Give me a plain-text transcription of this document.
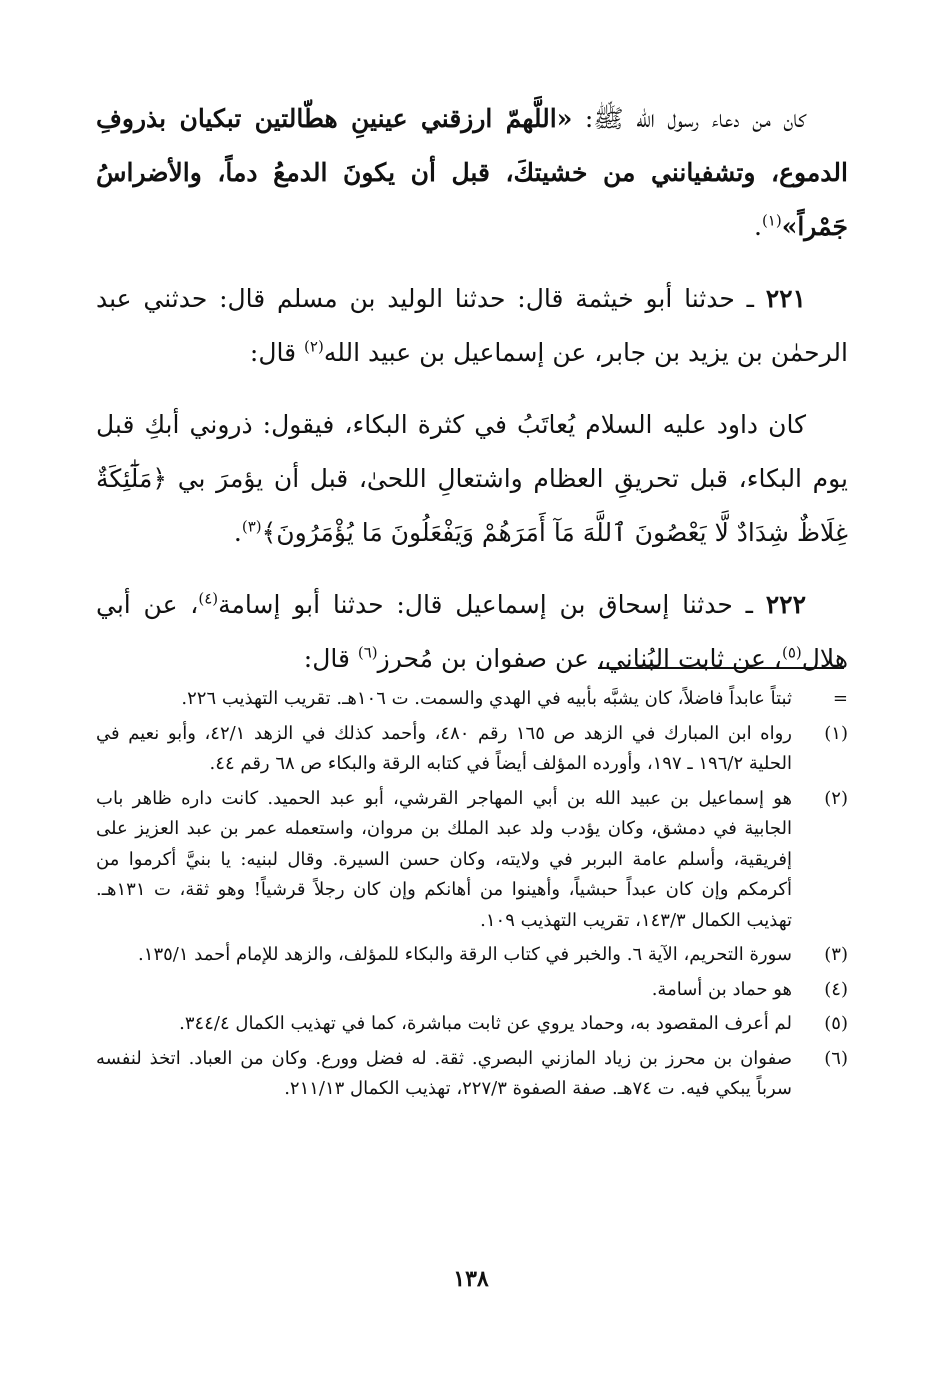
كان من دعاء رسول الله ﷺ: «اللَّهمّ ارزقني عينينِ هطّالتين تبكيان بذروفِ الدموع، وتشفيانني من خشيتكَ، قبل أن يكونَ الدمعُ دماً، والأضراسُ جَمْراً»$^{(١)}$.

٢٢١ ـ حدثنا أبو خيثمة قال: حدثنا الوليد بن مسلم قال: حدثني عبد الرحمٰن بن يزيد بن جابر، عن إسماعيل بن عبيد الله$^{(٢)}$ قال:

كان داود عليه السلام يُعاتَبُ في كثرة البكاء، فيقول: ذروني أبكِ قبل يوم البكاء، قبل تحريقِ العظام واشتعالِ اللحىٰ، قبل أن يؤمرَ بي ﴿مَلَٰٓئِكَةٌ غِلَاظٌ شِدَادٌ لَّا يَعْصُونَ ٱللَّهَ مَآ أَمَرَهُمْ وَيَفْعَلُونَ مَا يُؤْمَرُونَ﴾$^{(٣)}$.

٢٢٢ ـ حدثنا إسحاق بن إسماعيل قال: حدثنا أبو إسامة$^{(٤)}$، عن أبي هلال$^{(٥)}$، عن ثابت البُناني، عن صفوان بن مُحرز$^{(٦)}$ قال:

=
ثبتاً عابداً فاضلاً، كان يشبَّه بأبيه في الهدي والسمت. ت ١٠٦هـ. تقريب التهذيب ٢٢٦.
(١)
رواه ابن المبارك في الزهد ص ١٦٥ رقم ٤٨٠، وأحمد كذلك في الزهد ٤٢/١، وأبو نعيم في الحلية ١٩٦/٢ ـ ١٩٧، وأورده المؤلف أيضاً في كتابه الرقة والبكاء ص ٦٨ رقم ٤٤.
(٢)
هو إسماعيل بن عبيد الله بن أبي المهاجر القرشي، أبو عبد الحميد. كانت داره ظاهر باب الجابية في دمشق، وكان يؤدب ولد عبد الملك بن مروان، واستعمله عمر بن عبد العزيز على إفريقية، وأسلم عامة البربر في ولايته، وكان حسن السيرة. وقال لبنيه: يا بنيَّ أكرموا من أكرمكم وإن كان عبداً حبشياً، وأهينوا من أهانكم وإن كان رجلاً قرشياً! وهو ثقة، ت ١٣١هـ. تهذيب الكمال ١٤٣/٣، تقريب التهذيب ١٠٩.
(٣)
سورة التحريم، الآية ٦. والخبر في كتاب الرقة والبكاء للمؤلف، والزهد للإمام أحمد ١٣٥/١.
(٤)
هو حماد بن أسامة.
(٥)
لم أعرف المقصود به، وحماد يروي عن ثابت مباشرة، كما في تهذيب الكمال ٣٤٤/٤.
(٦)
صفوان بن محرز بن زياد المازني البصري. ثقة. له فضل وورع. وكان من العباد. اتخذ لنفسه سرباً يبكي فيه. ت ٧٤هـ. صفة الصفوة ٢٢٧/٣، تهذيب الكمال ٢١١/١٣.
١٣٨
